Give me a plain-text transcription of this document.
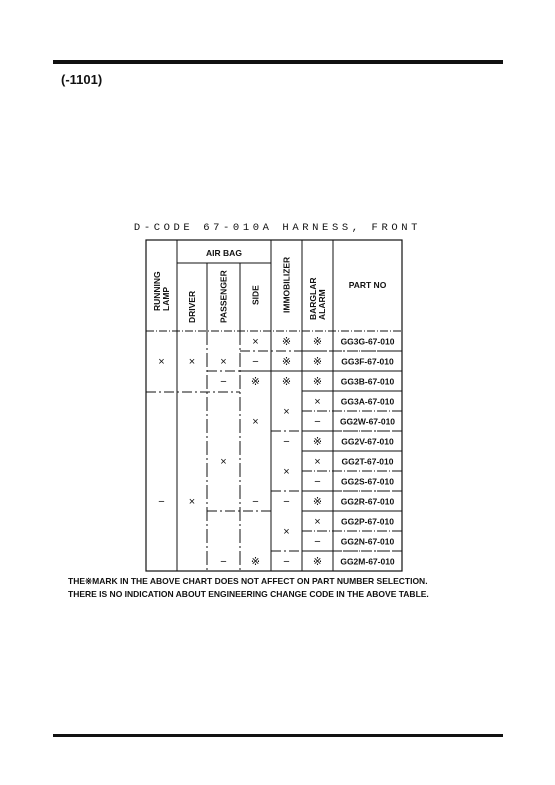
(-1101)
D-CODE 67-010A HARNESS, FRONT
AIR BAG
RUNNING LAMP DRIVER	PASSENGER	SIDE IMMOBILIZER BARGLAR ALARM
PART NO
×
−
※
×
−
※
×
−
×
−
×
×
×
−
※
※
※
×
−
×
−
×
−
※
※
※
×
−
※
×
−
※
×
−
※
GG3G-67-010
GG3F-67-010
GG3B-67-010
GG3A-67-010
GG2W-67-010
GG2V-67-010
GG2T-67-010
GG2S-67-010
GG2R-67-010
GG2P-67-010
GG2N-67-010
GG2M-67-010
THE※MARK IN THE ABOVE CHART DOES NOT AFFECT ON PART NUMBER SELECTION.
THERE IS NO INDICATION ABOUT ENGINEERING CHANGE CODE IN THE ABOVE TABLE.
